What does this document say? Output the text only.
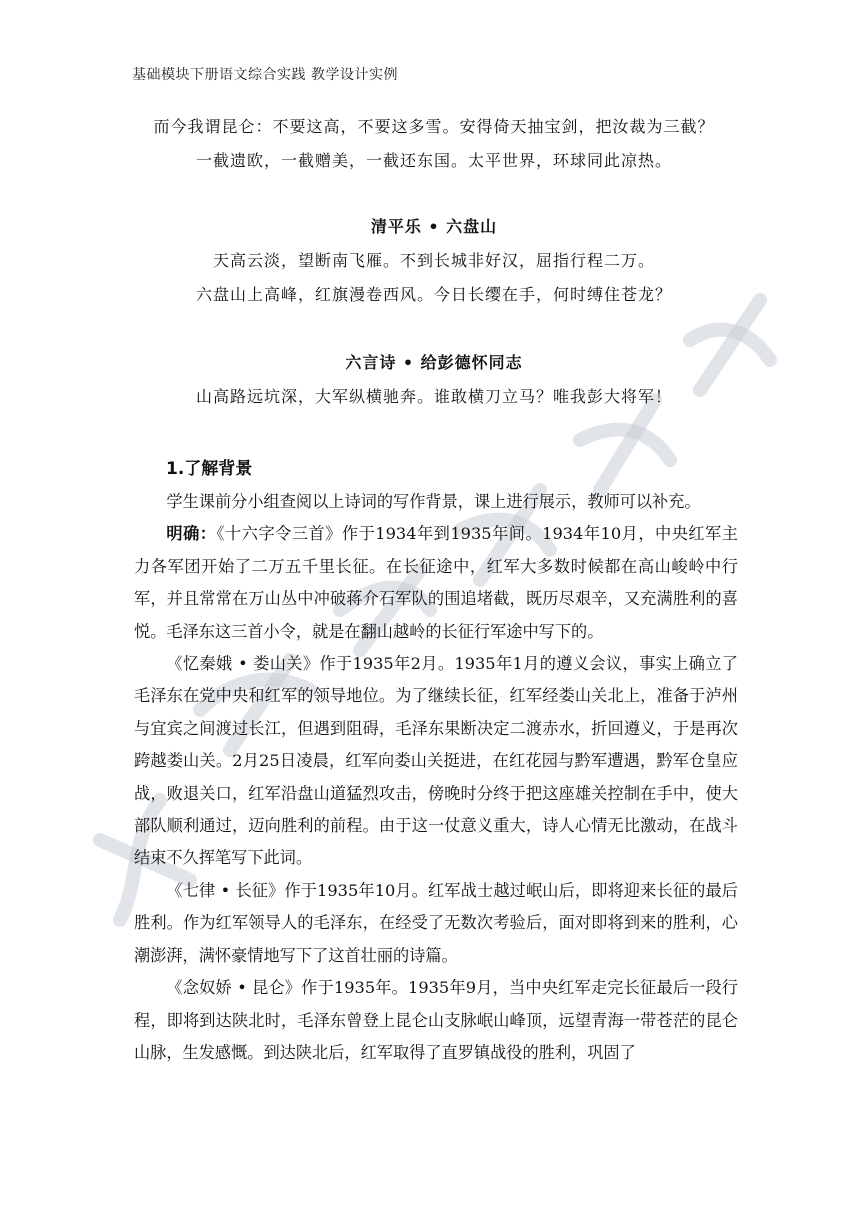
基础模块下册语文综合实践 教学设计实例
而今我谓昆仑：不要这高，不要这多雪。安得倚天抽宝剑，把汝裁为三截？
一截遗欧，一截赠美，一截还东国。太平世界，环球同此凉热。
清平乐 • 六盘山
天高云淡，望断南飞雁。不到长城非好汉，屈指行程二万。
六盘山上高峰，红旗漫卷西风。今日长缨在手，何时缚住苍龙？
六言诗 • 给彭德怀同志
山高路远坑深，大军纵横驰奔。谁敢横刀立马？唯我彭大将军！
1.了解背景

学生课前分小组查阅以上诗词的写作背景，课上进行展示，教师可以补充。

明确：《十六字令三首》作于1934年到1935年间。1934年10月，中央红军主力各军团开始了二万五千里长征。在长征途中，红军大多数时候都在高山峻岭中行军，并且常常在万山丛中冲破蒋介石军队的围追堵截，既历尽艰辛，又充满胜利的喜悦。毛泽东这三首小令，就是在翻山越岭的长征行军途中写下的。

《忆秦娥 • 娄山关》作于1935年2月。1935年1月的遵义会议，事实上确立了毛泽东在党中央和红军的领导地位。为了继续长征，红军经娄山关北上，准备于泸州与宜宾之间渡过长江，但遇到阻碍，毛泽东果断决定二渡赤水，折回遵义，于是再次跨越娄山关。2月25日凌晨，红军向娄山关挺进，在红花园与黔军遭遇，黔军仓皇应战，败退关口，红军沿盘山道猛烈攻击，傍晚时分终于把这座雄关控制在手中，使大部队顺利通过，迈向胜利的前程。由于这一仗意义重大，诗人心情无比激动，在战斗结束不久挥笔写下此词。

《七律 • 长征》作于1935年10月。红军战士越过岷山后，即将迎来长征的最后胜利。作为红军领导人的毛泽东，在经受了无数次考验后，面对即将到来的胜利，心潮澎湃，满怀豪情地写下了这首壮丽的诗篇。

《念奴娇 • 昆仑》作于1935年。1935年9月，当中央红军走完长征最后一段行程，即将到达陕北时，毛泽东曾登上昆仑山支脉岷山峰顶，远望青海一带苍茫的昆仑山脉，生发感慨。到达陕北后，红军取得了直罗镇战役的胜利，巩固了
